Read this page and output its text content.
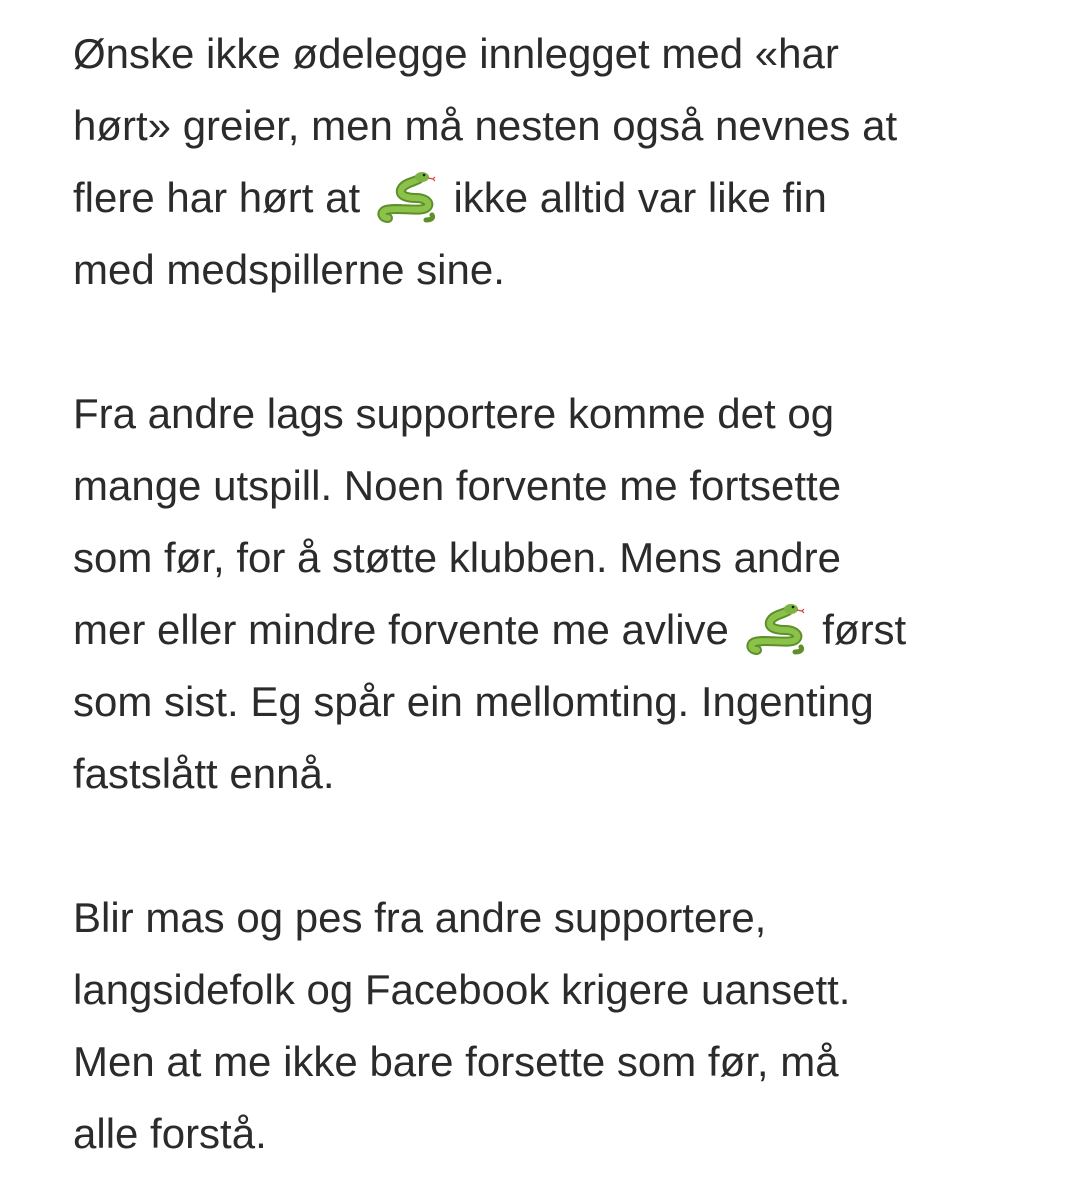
Ønske ikke ødelegge innlegget med «har
hørt» greier, men må nesten også nevnes at
flere har hørt at
ikke alltid var like fin
med medspillerne sine.
Fra andre lags supportere komme det og
mange utspill. Noen forvente me fortsette
som før, for å støtte klubben. Mens andre
mer eller mindre forvente me avlive
først
som sist. Eg spår ein mellomting. Ingenting
fastslått ennå.
Blir mas og pes fra andre supportere,
langsidefolk og Facebook krigere uansett.
Men at me ikke bare forsette som før, må
alle forstå.
